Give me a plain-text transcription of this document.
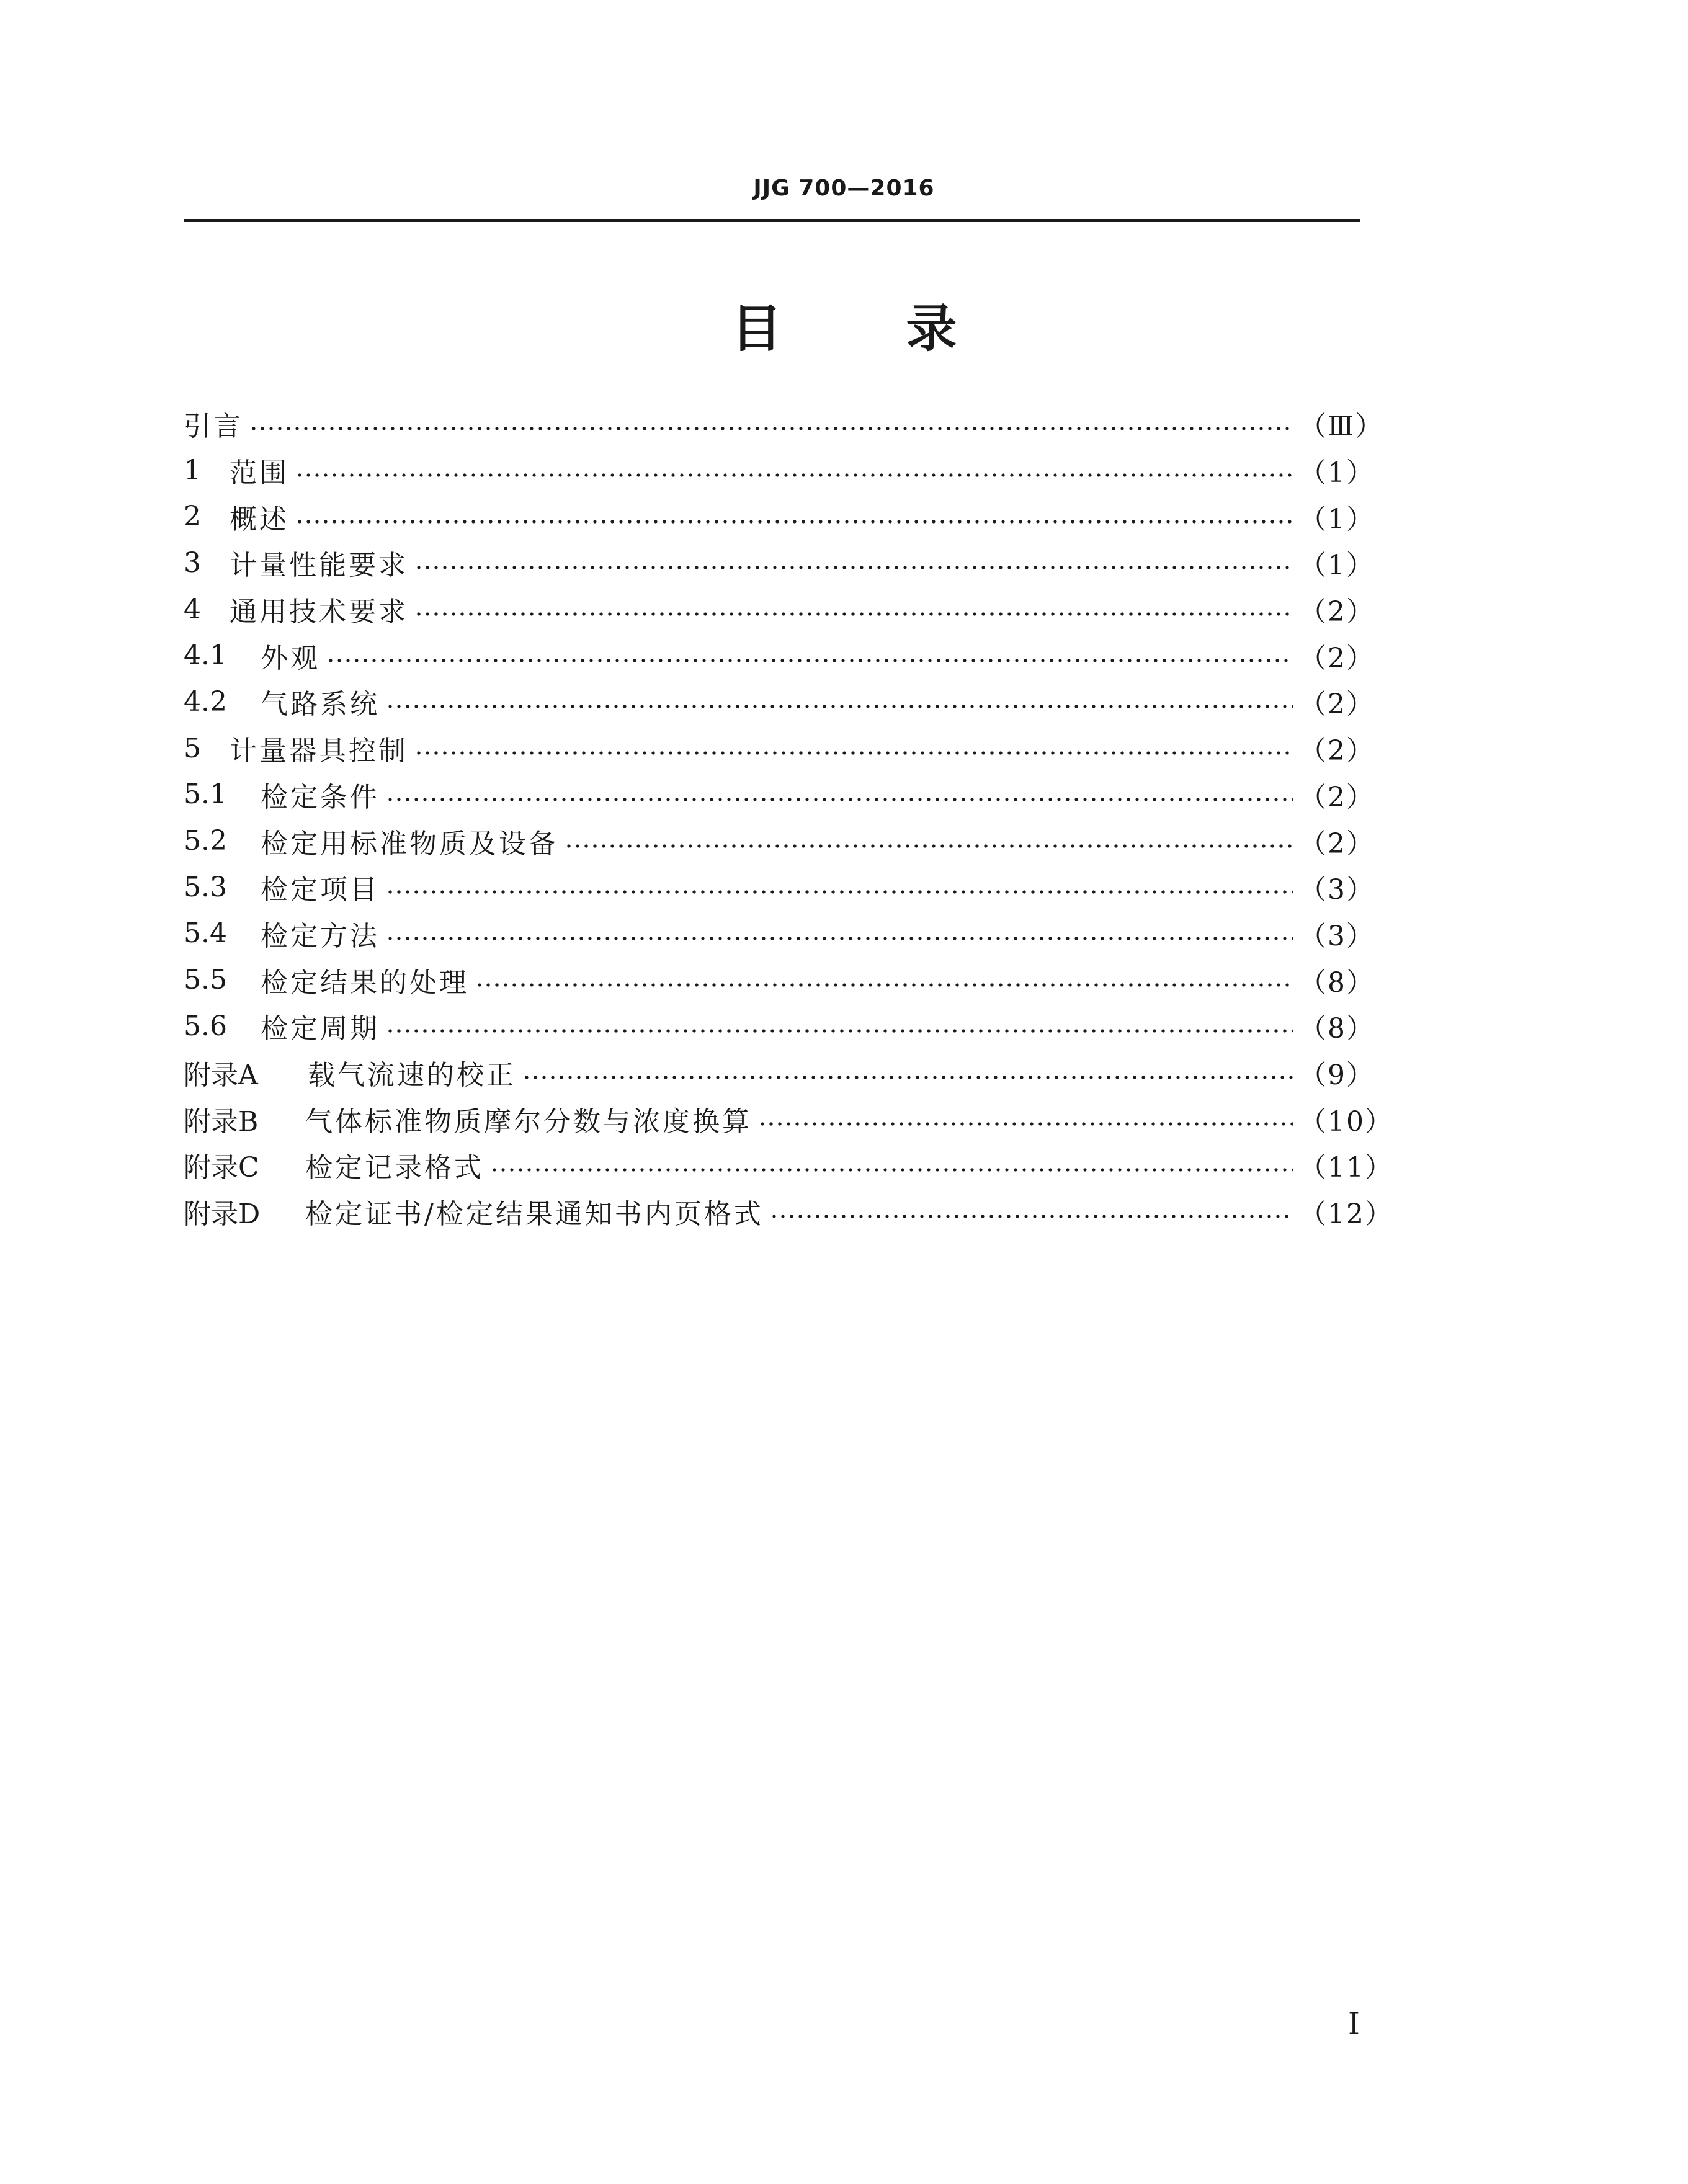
JJG 700—2016
目 录
引言	（Ⅲ）
1	范围	（1）
2	概述	（1）
3	计量性能要求	（1）
4	通用技术要求	（2）
4.1	外观	（2）
4.2	气路系统	（2）
5	计量器具控制	（2）
5.1	检定条件	（2）
5.2	检定用标准物质及设备	（2）
5.3	检定项目	（3）
5.4	检定方法	（3）
5.5	检定结果的处理	（8）
5.6	检定周期	（8）
附录A	载气流速的校正	（9）
附录B	气体标准物质摩尔分数与浓度换算	（10）
附录C	检定记录格式	（11）
附录D	检定证书/检定结果通知书内页格式	（12）
I
